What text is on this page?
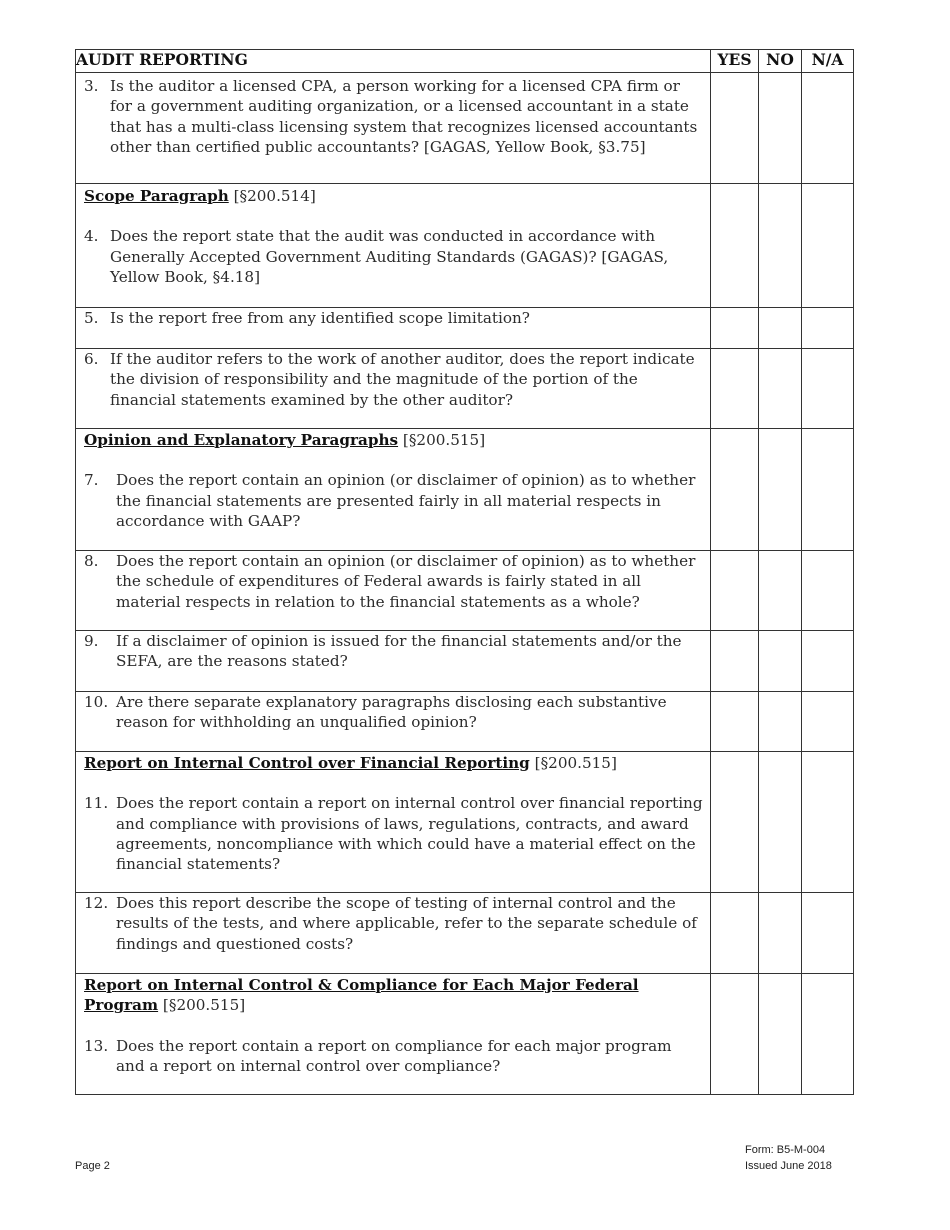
AUDIT REPORTING	YES	NO	N/A

3. Is the auditor a licensed CPA, a person working for a licensed CPA firm or for a government auditing organization, or a licensed accountant in a state that has a multi-class licensing system that recognizes licensed accountants other than certified public accountants? [GAGAS, Yellow Book, §3.75]			

Scope Paragraph [§200.514]
4. Does the report state that the audit was conducted in accordance with Generally Accepted Government Auditing Standards (GAGAS)? [GAGAS, Yellow Book, §4.18]			

5. Is the report free from any identified scope limitation?			

6. If the auditor refers to the work of another auditor, does the report indicate the division of responsibility and the magnitude of the portion of the financial statements examined by the other auditor?			

Opinion and Explanatory Paragraphs [§200.515]
7. Does the report contain an opinion (or disclaimer of opinion) as to whether the financial statements are presented fairly in all material respects in accordance with GAAP?			

8. Does the report contain an opinion (or disclaimer of opinion) as to whether the schedule of expenditures of Federal awards is fairly stated in all material respects in relation to the financial statements as a whole?			

9. If a disclaimer of opinion is issued for the financial statements and/or the SEFA, are the reasons stated?			

10. Are there separate explanatory paragraphs disclosing each substantive reason for withholding an unqualified opinion?			

Report on Internal Control over Financial Reporting [§200.515]
11. Does the report contain a report on internal control over financial reporting and compliance with provisions of laws, regulations, contracts, and award agreements, noncompliance with which could have a material effect on the financial statements?			

12. Does this report describe the scope of testing of internal control and the results of the tests, and where applicable, refer to the separate schedule of findings and questioned costs?			

Report on Internal Control & Compliance for Each Major Federal Program [§200.515]
13. Does the report contain a report on compliance for each major program and a report on internal control over compliance?			

Page 2
Form: B5-M-004
Issued June 2018
